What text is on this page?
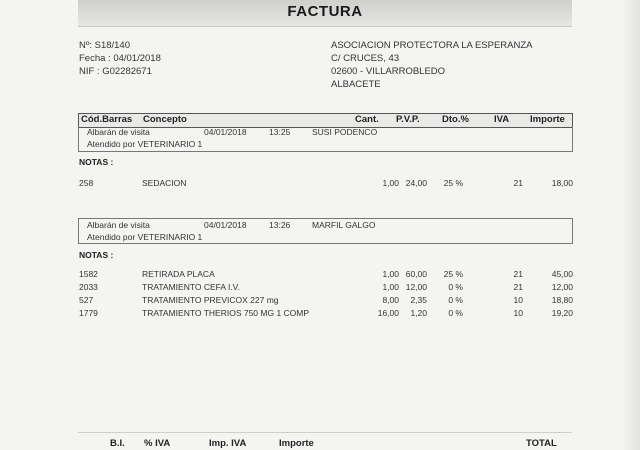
FACTURA
Nº: S18/140
Fecha : 04/01/2018
NIF : G02282671
ASOCIACION PROTECTORA LA ESPERANZA
C/ CRUCES, 43
02600 - VILLARROBLEDO
ALBACETE
Cód.Barras Concepto	Cant. P.V.P. Dto.%	IVA Importe
Albarán de visita	04/01/2018	13:25	SUSI PODENCO
Atendido por VETERINARIO 1
NOTAS :
258	SEDACION	1,00 24,00	25 %	21	18,00
Albarán de visita	04/01/2018	13:26	MARFIL GALGO
Atendido por VETERINARIO 1
NOTAS :
1582	RETIRADA PLACA	1,00 60,00	25 %	21	45,00
2033	TRATAMIENTO CEFA I.V.	1,00 12,00	0 %	21	12,00
527	TRATAMIENTO PREVICOX 227 mg	8,00	2,35	0 %	10	18,80
1779	TRATAMIENTO THERIOS 750 MG 1 COMP	16,00	1,20	0 %	10	19,20
B.I. % IVA	Imp. IVA	Importe	TOTAL
